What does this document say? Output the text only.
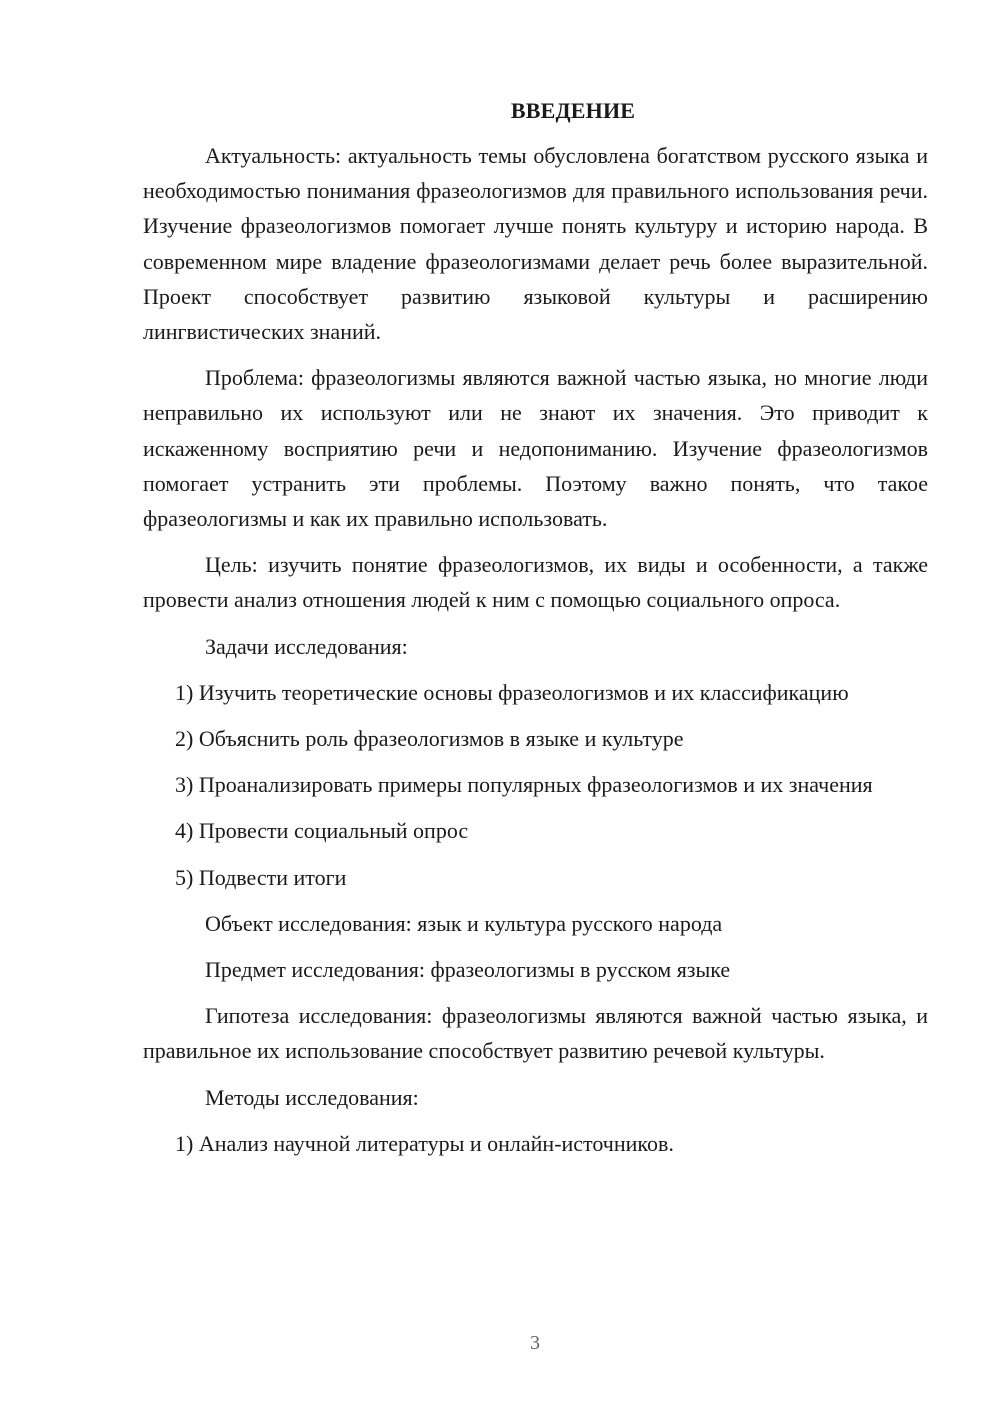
ВВЕДЕНИЕ

Актуальность: актуальность темы обусловлена богатством русского языка и необходимостью понимания фразеологизмов для правильного использования речи. Изучение фразеологизмов помогает лучше понять культуру и историю народа. В современном мире владение фразеологизмами делает речь более выразительной. Проект способствует развитию языковой культуры и расширению лингвистических знаний.

Проблема: фразеологизмы являются важной частью языка, но многие люди неправильно их используют или не знают их значения. Это приводит к искаженному восприятию речи и недопониманию. Изучение фразеологизмов помогает устранить эти проблемы. Поэтому важно понять, что такое фразеологизмы и как их правильно использовать.

Цель: изучить понятие фразеологизмов, их виды и особенности, а также провести анализ отношения людей к ним с помощью социального опроса.

Задачи исследования:

1) Изучить теоретические основы фразеологизмов и их классификацию

2) Объяснить роль фразеологизмов в языке и культуре

3) Проанализировать примеры популярных фразеологизмов и их значения

4) Провести социальный опрос

5) Подвести итоги

Объект исследования: язык и культура русского народа

Предмет исследования: фразеологизмы в русском языке

Гипотеза исследования: фразеологизмы являются важной частью языка, и правильное их использование способствует развитию речевой культуры.

Методы исследования:

1) Анализ научной литературы и онлайн-источников.

3
